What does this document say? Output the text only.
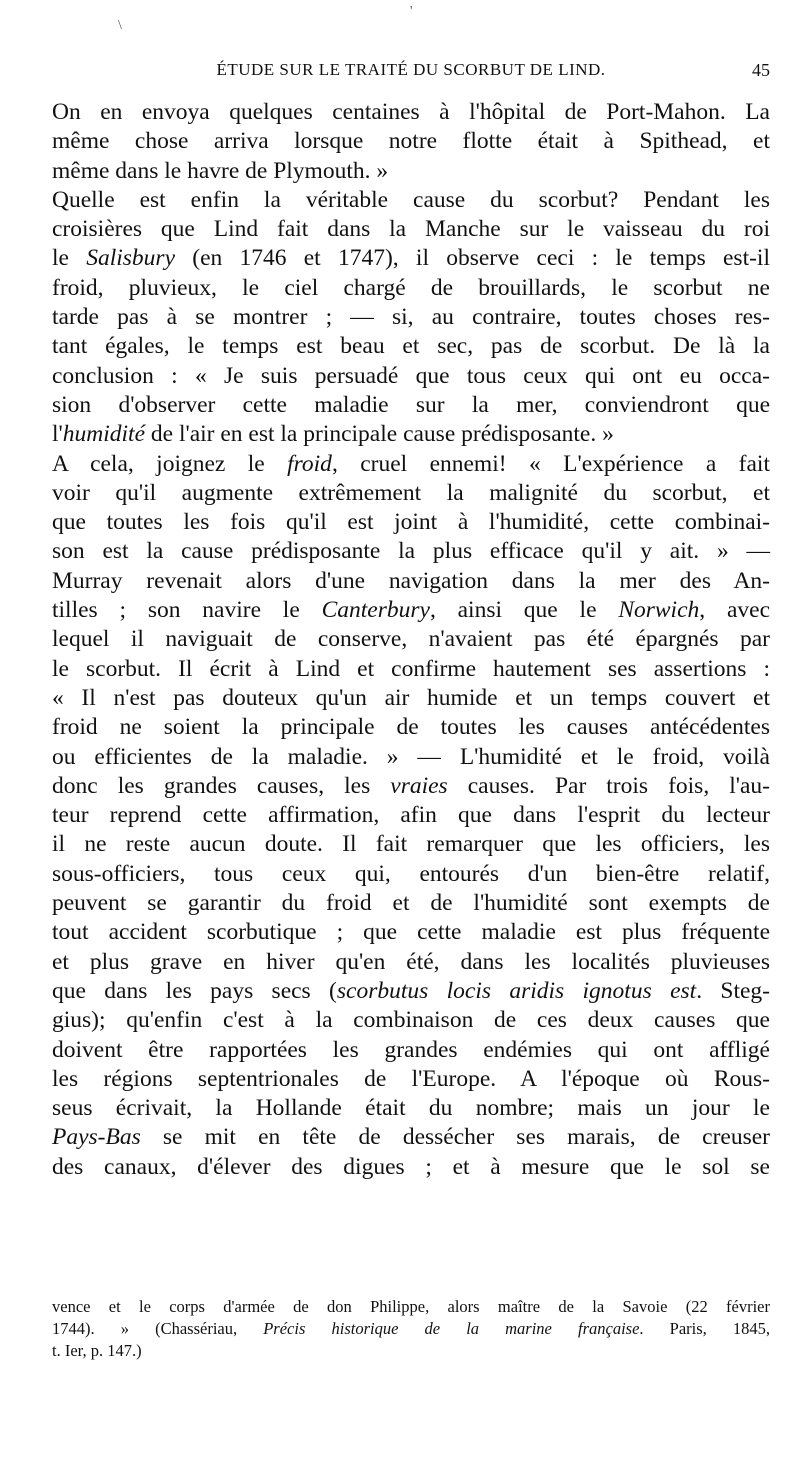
\
'
ÉTUDE SUR LE TRAITÉ DU SCORBUT DE LIND.	45
On en envoya quelques centaines à l'hôpital de Port-Mahon. La
même chose arriva lorsque notre flotte était à Spithead, et
même dans le havre de Plymouth. »
Quelle est enfin la véritable cause du scorbut? Pendant les
croisières que Lind fait dans la Manche sur le vaisseau du roi
le Salisbury (en 1746 et 1747), il observe ceci : le temps est-il
froid, pluvieux, le ciel chargé de brouillards, le scorbut ne
tarde pas à se montrer ; — si, au contraire, toutes choses res-
tant égales, le temps est beau et sec, pas de scorbut. De là la
conclusion : « Je suis persuadé que tous ceux qui ont eu occa-
sion d'observer cette maladie sur la mer, conviendront que
l'humidité de l'air en est la principale cause prédisposante. »
A cela, joignez le froid, cruel ennemi! « L'expérience a fait
voir qu'il augmente extrêmement la malignité du scorbut, et
que toutes les fois qu'il est joint à l'humidité, cette combinai-
son est la cause prédisposante la plus efficace qu'il y ait. » —
Murray revenait alors d'une navigation dans la mer des An-
tilles ; son navire le Canterbury, ainsi que le Norwich, avec
lequel il naviguait de conserve, n'avaient pas été épargnés par
le scorbut. Il écrit à Lind et confirme hautement ses assertions :
« Il n'est pas douteux qu'un air humide et un temps couvert et
froid ne soient la principale de toutes les causes antécédentes
ou efficientes de la maladie. » — L'humidité et le froid, voilà
donc les grandes causes, les vraies causes. Par trois fois, l'au-
teur reprend cette affirmation, afin que dans l'esprit du lecteur
il ne reste aucun doute. Il fait remarquer que les officiers, les
sous-officiers, tous ceux qui, entourés d'un bien-être relatif,
peuvent se garantir du froid et de l'humidité sont exempts de
tout accident scorbutique ; que cette maladie est plus fréquente
et plus grave en hiver qu'en été, dans les localités pluvieuses
que dans les pays secs (scorbutus locis aridis ignotus est. Steg-
gius); qu'enfin c'est à la combinaison de ces deux causes que
doivent être rapportées les grandes endémies qui ont affligé
les régions septentrionales de l'Europe. A l'époque où Rous-
seus écrivait, la Hollande était du nombre; mais un jour le
Pays-Bas se mit en tête de dessécher ses marais, de creuser
des canaux, d'élever des digues ; et à mesure que le sol se
vence et le corps d'armée de don Philippe, alors maître de la Savoie (22 février
1744). » (Chassériau, Précis historique de la marine française. Paris, 1845,
t. Ier, p. 147.)
